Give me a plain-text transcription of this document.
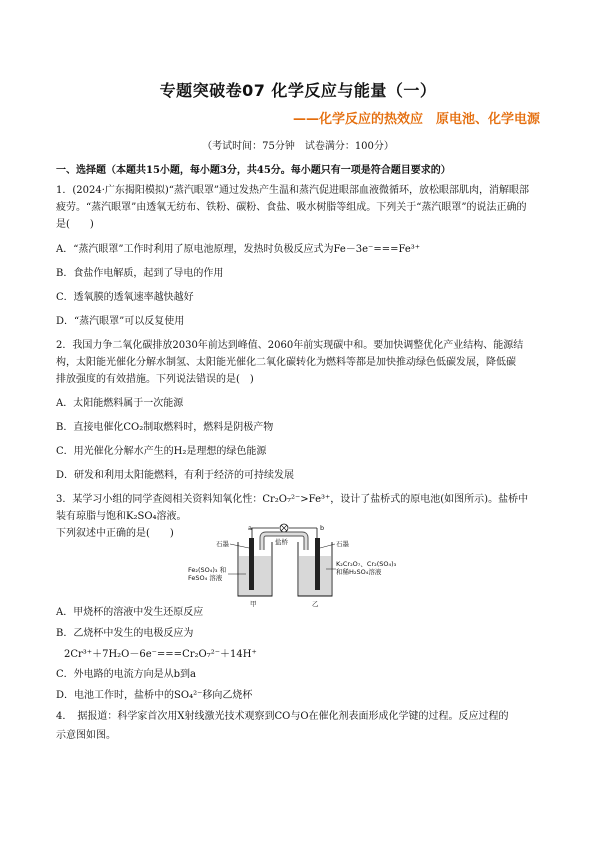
专题突破卷07 化学反应与能量（一）
——化学反应的热效应　原电池、化学电源
（考试时间：75分钟　试卷满分：100分）
一、选择题（本题共15小题，每小题3分，共45分。每小题只有一项是符合题目要求的）
1．(2024·广东揭阳模拟)“蒸汽眼罩”通过发热产生温和蒸汽促进眼部血液微循环，放松眼部肌肉，消解眼部
疲劳。“蒸汽眼罩”由透氧无纺布、铁粉、碳粉、食盐、吸水树脂等组成。下列关于“蒸汽眼罩”的说法正确的
是(　　)
A．“蒸汽眼罩”工作时利用了原电池原理，发热时负极反应式为Fe－3e⁻===Fe³⁺
B．食盐作电解质，起到了导电的作用
C．透氧膜的透氧速率越快越好
D．“蒸汽眼罩”可以反复使用
2．我国力争二氧化碳排放2030年前达到峰值、2060年前实现碳中和。要加快调整优化产业结构、能源结
构，太阳能光催化分解水制氢、太阳能光催化二氧化碳转化为燃料等都是加快推动绿色低碳发展，降低碳
排放强度的有效措施。下列说法错误的是(　)
A．太阳能燃料属于一次能源
B．直接电催化CO₂制取燃料时，燃料是阴极产物
C．用光催化分解水产生的H₂是理想的绿色能源
D．研发和利用太阳能燃料，有利于经济的可持续发展
3．某学习小组的同学查阅相关资料知氧化性：Cr₂O₇²⁻>Fe³⁺，设计了盐桥式的原电池(如图所示)。盐桥中
装有琼脂与饱和K₂SO₄溶液。
下列叙述中正确的是(　　)	a	b
盐桥
石墨	石墨
Fe₂(SO₄)₃ 和
FeSO₄ 溶液
K₂Cr₂O₇、Cr₂(SO₄)₃
和稀H₂SO₄溶液
甲	乙
A．甲烧杯的溶液中发生还原反应
B．乙烧杯中发生的电极反应为
2Cr³⁺＋7H₂O－6e⁻===Cr₂O₇²⁻＋14H⁺
C．外电路的电流方向是从b到a
D．电池工作时，盐桥中的SO₄²⁻移向乙烧杯
4．　据报道：科学家首次用X射线激光技术观察到CO与O在催化剂表面形成化学键的过程。反应过程的
示意图如图。
